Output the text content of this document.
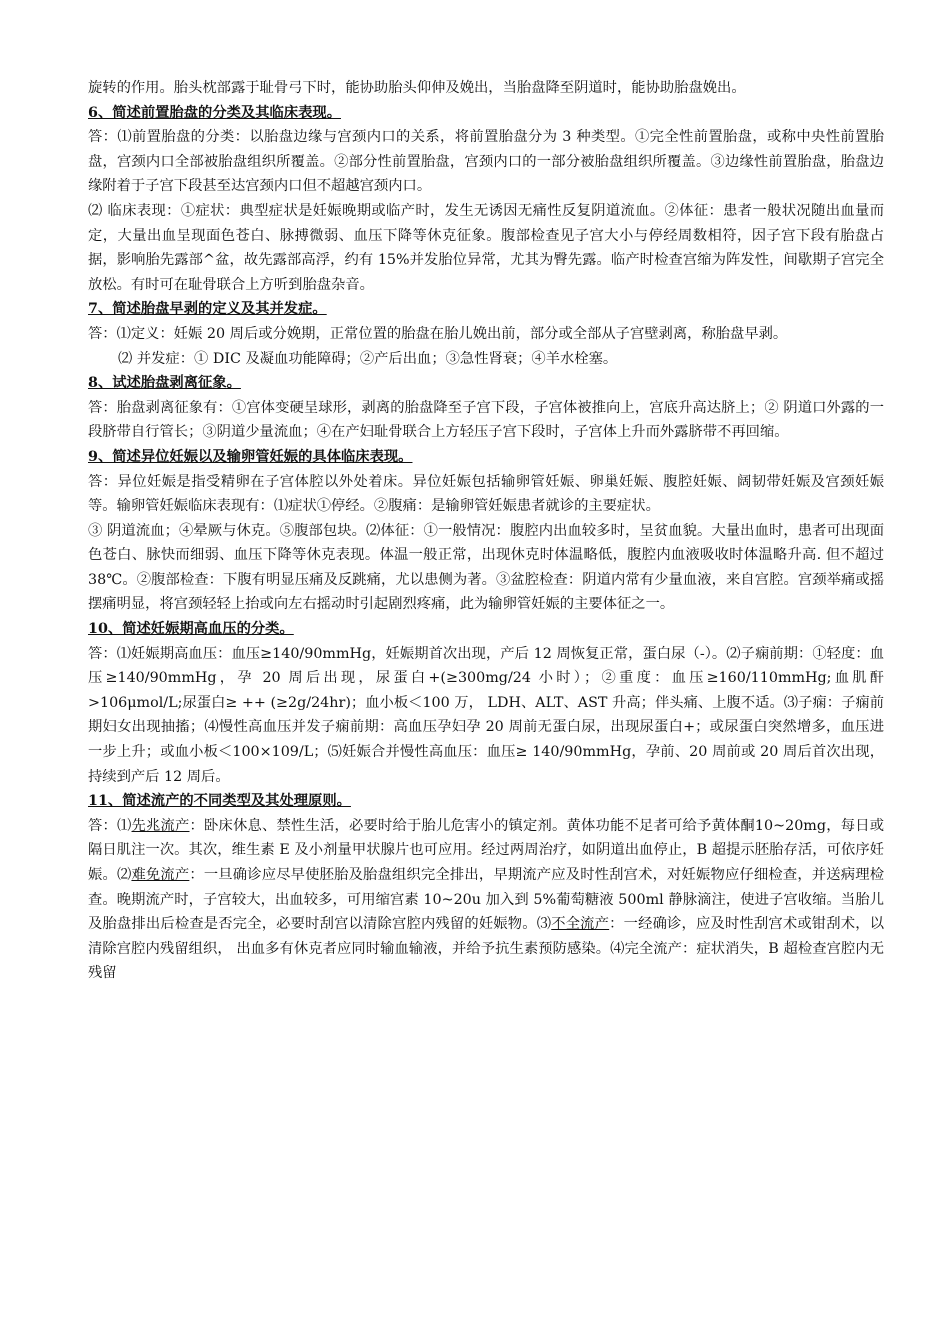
旋转的作用。胎头枕部露于耻骨弓下时，能协助胎头仰伸及娩出，当胎盘降至阴道时，能协助胎盘娩出。

6、简述前置胎盘的分类及其临床表现。

答：⑴前置胎盘的分类：以胎盘边缘与宫颈内口的关系，将前置胎盘分为 3 种类型。①完全性前置胎盘，或称中央性前置胎盘，宫颈内口全部被胎盘组织所覆盖。②部分性前置胎盘，宫颈内口的一部分被胎盘组织所覆盖。③边缘性前置胎盘，胎盘边缘附着于子宫下段甚至达宫颈内口但不超越宫颈内口。

⑵ 临床表现：①症状：典型症状是妊娠晚期或临产时，发生无诱因无痛性反复阴道流血。②体征：患者一般状况随出血量而定，大量出血呈现面色苍白、脉搏微弱、血压下降等休克征象。腹部检查见子宫大小与停经周数相符，因子宫下段有胎盘占据，影响胎先露部^盆，故先露部高浮，约有 15%并发胎位异常，尤其为臀先露。临产时检查宫缩为阵发性，间歇期子宫完全放松。有时可在耻骨联合上方听到胎盘杂音。

7、简述胎盘早剥的定义及其并发症。

答：⑴定义：妊娠 20 周后或分娩期，正常位置的胎盘在胎儿娩出前，部分或全部从子宫壁剥离，称胎盘早剥。

⑵ 并发症：① DIC 及凝血功能障碍；②产后出血；③急性肾衰；④羊水栓塞。

8、试述胎盘剥离征象。

答：胎盘剥离征象有：①宫体变硬呈球形，剥离的胎盘降至子宫下段，子宫体被推向上，宫底升高达脐上；② 阴道口外露的一段脐带自行管长；③阴道少量流血；④在产妇耻骨联合上方轻压子宫下段时，子宫体上升而外露脐带不再回缩。

9、简述异位妊娠以及输卵管妊娠的具体临床表现。

答：异位妊娠是指受精卵在子宫体腔以外处着床。异位妊娠包括输卵管妊娠、卵巢妊娠、腹腔妊娠、阔韧带妊娠及宫颈妊娠等。输卵管妊娠临床表现有：⑴症状①停经。②腹痛：是输卵管妊娠患者就诊的主要症状。

③ 阴道流血；④晕厥与休克。⑤腹部包块。⑵体征：①一般情况：腹腔内出血较多时，呈贫血貌。大量出血时，患者可出现面色苍白、脉快而细弱、血压下降等休克表现。体温一般正常，出现休克时体温略低，腹腔内血液吸收时体温略升高. 但不超过 38℃。②腹部检查：下腹有明显压痛及反跳痛，尤以患侧为著。③盆腔检查：阴道内常有少量血液，来自宫腔。宫颈举痛或摇摆痛明显，将宫颈轻轻上抬或向左右摇动时引起剧烈疼痛，此为输卵管妊娠的主要体征之一。

10、简述妊娠期高血压的分类。

答：⑴妊娠期高血压：血压≥140/90mmHg，妊娠期首次出现，产后 12 周恢复正常，蛋白尿（-）。⑵子痫前期：①轻度：血压≥140/90mmHg，孕 20 周后出现，尿蛋白+(≥300mg/24 小时）；②重度：血压≥160/110mmHg;血肌酐>106μmol/L;尿蛋白≥ ++ (≥2g/24hr)；血小板＜100 万， LDH、ALT、AST 升高；伴头痛、上腹不适。⑶子痫：子痫前期妇女出现抽搐；⑷慢性高血压并发子痫前期：高血压孕妇孕 20 周前无蛋白尿，出现尿蛋白+；或尿蛋白突然增多，血压进一步上升；或血小板＜100×109/L；⑸妊娠合并慢性高血压：血压≥ 140/90mmHg，孕前、20 周前或 20 周后首次出现，持续到产后 12 周后。

11、简述流产的不同类型及其处理原则。

答：⑴先兆流产：卧床休息、禁性生活，必要时给于胎儿危害小的镇定剂。黄体功能不足者可给予黄体酮10~20mg，每日或隔日肌注一次。其次，维生素 E 及小剂量甲状腺片也可应用。经过两周治疗，如阴道出血停止，B 超提示胚胎存活，可依序妊娠。⑵难免流产：一旦确诊应尽早使胚胎及胎盘组织完全排出，早期流产应及时性刮宫术，对妊娠物应仔细检查，并送病理检查。晚期流产时，子宫较大，出血较多，可用缩宫素 10~20u 加入到 5%葡萄糖液 500ml 静脉滴注，使进子宫收缩。当胎儿及胎盘排出后检查是否完全，必要时刮宫以清除宫腔内残留的妊娠物。⑶不全流产：一经确诊，应及时性刮宫术或钳刮术，以清除宫腔内残留组织， 出血多有休克者应同时输血输液，并给予抗生素预防感染。⑷完全流产：症状消失，B 超检查宫腔内无残留
